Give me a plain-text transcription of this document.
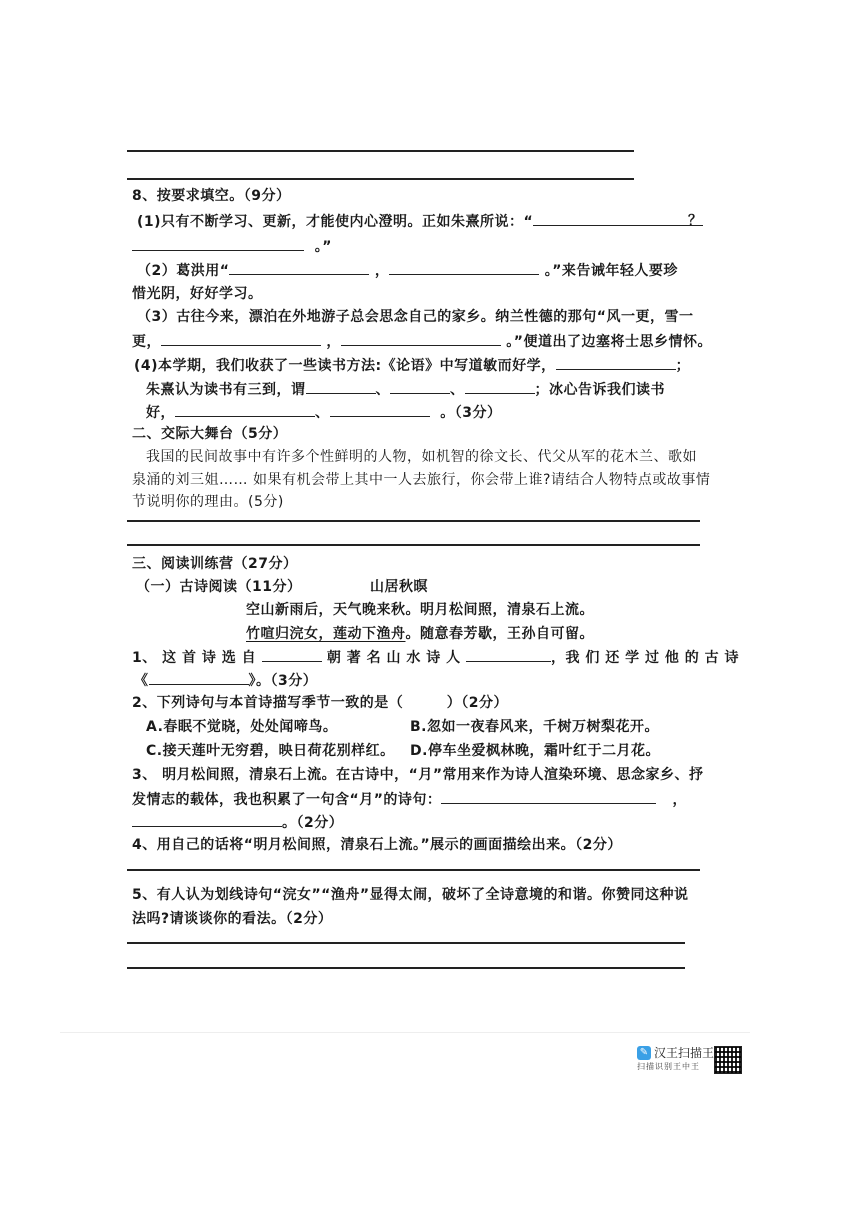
8、按要求填空。（9分）
(1)只有不断学习、更新，才能使内心澄明。正如朱熹所说：“	？
。”
（2）葛洪用“	，	。”来告诫年轻人要珍
惜光阴，好好学习。
（3）古往今来，漂泊在外地游子总会思念自己的家乡。纳兰性德的那句“风一更，雪一
更，	，	。”便道出了边塞将士思乡情怀。
(4)本学期，我们收获了一些读书方法:《论语》中写道敏而好学，	；
朱熹认为读书有三到，谓	、	、	；冰心告诉我们读书
好，	、	。（3分）
二、交际大舞台（5分）
我国的民间故事中有许多个性鲜明的人物，如机智的徐文长、代父从军的花木兰、歌如
泉涌的刘三姐…… 如果有机会带上其中一人去旅行，你会带上谁?请结合人物特点或故事情
节说明你的理由。(5分)
三、阅读训练营（27分）
（一）古诗阅读（11分）	山居秋暝
空山新雨后，天气晚来秋。明月松间照，清泉石上流。
竹喧归浣女，莲动下渔舟。随意春芳歇，王孙自可留。
1、 这 首 诗 选 自	朝 著 名 山 水 诗 人	，我 们 还 学 过 他 的 古 诗
《	》。（3分）
2、下列诗句与本首诗描写季节一致的是（　　　）（2分）
A.春眠不觉晓，处处闻啼鸟。	B.忽如一夜春风来，千树万树梨花开。
C.接天莲叶无穷碧，映日荷花别样红。 D.停车坐爱枫林晚，霜叶红于二月花。
3、 明月松间照，清泉石上流。在古诗中，“月”常用来作为诗人渲染环境、思念家乡、抒
发情志的载体，我也积累了一句含“月”的诗句：	，
。（2分）
4、用自己的话将“明月松间照，清泉石上流。”展示的画面描绘出来。（2分）
5、有人认为划线诗句“浣女”“渔舟”显得太闹，破坏了全诗意境的和谐。你赞同这种说
法吗?请谈谈你的看法。（2分）
✎ 汉王扫描王
扫描识别王中王
